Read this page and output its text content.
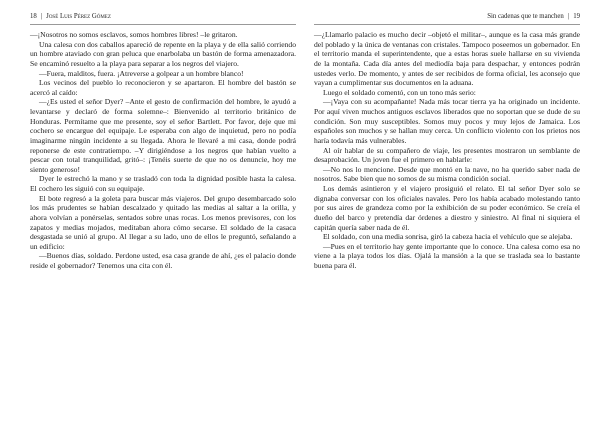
18 | José Luis Pérez Gómez

—¡Nosotros no somos esclavos, somos hombres libres! –le gritaron.

Una calesa con dos caballos apareció de repente en la playa y de ella salió corriendo un hombre ataviado con gran peluca que enarbolaba un bastón de forma amenazadora. Se encaminó resuelto a la playa para separar a los negros del viajero.

—Fuera, malditos, fuera. ¡Atreverse a golpear a un hombre blanco!

Los vecinos del pueblo lo reconocieron y se apartaron. El hombre del bastón se acercó al caído:

—¿Es usted el señor Dyer? –Ante el gesto de confirmación del hombre, le ayudó a levantarse y declaró de forma solemne–: Bienvenido al territorio británico de Honduras. Permítame que me presente, soy el señor Bartlett. Por favor, deje que mi cochero se encargue del equipaje. Le esperaba con algo de inquietud, pero no podía imaginarme ningún incidente a su llegada. Ahora le llevaré a mi casa, donde podrá reponerse de este contratiempo. –Y dirigiéndose a los negros que habían vuelto a pescar con total tranquilidad, gritó–: ¡Tenéis suerte de que no os denuncie, hoy me siento generoso!

Dyer le estrechó la mano y se trasladó con toda la dignidad posible hasta la calesa. El cochero les siguió con su equipaje.

El bote regresó a la goleta para buscar más viajeros. Del grupo desembarcado solo los más prudentes se habían descalzado y quitado las medias al saltar a la orilla, y ahora volvían a ponérselas, sentados sobre unas rocas. Los menos previsores, con los zapatos y medias mojados, meditaban ahora cómo secarse. El soldado de la casaca desgastada se unió al grupo. Al llegar a su lado, uno de ellos le preguntó, señalando a un edificio:

—Buenos días, soldado. Perdone usted, esa casa grande de ahí, ¿es el palacio donde reside el gobernador? Tenemos una cita con él.

Sin cadenas que te manchen | 19

—¿Llamarlo palacio es mucho decir –objetó el militar–, aunque es la casa más grande del poblado y la única de ventanas con cristales. Tampoco poseemos un gobernador. En el territorio manda el superintendente, que a estas horas suele hallarse en su vivienda de la montaña. Cada día antes del mediodía baja para despachar, y entonces podrán ustedes verlo. De momento, y antes de ser recibidos de forma oficial, les aconsejo que vayan a cumplimentar sus documentos en la aduana.

Luego el soldado comentó, con un tono más serio:

—¡Vaya con su acompañante! Nada más tocar tierra ya ha originado un incidente. Por aquí viven muchos antiguos esclavos liberados que no soportan que se dude de su condición. Son muy susceptibles. Somos muy pocos y muy lejos de Jamaica. Los españoles son muchos y se hallan muy cerca. Un conflicto violento con los prietos nos haría todavía más vulnerables.

Al oír hablar de su compañero de viaje, les presentes mostraron un semblante de desaprobación. Un joven fue el primero en hablarle:

—No nos lo mencione. Desde que montó en la nave, no ha querido saber nada de nosotros. Sabe bien que no somos de su misma condición social.

Los demás asintieron y el viajero prosiguió el relato. El tal señor Dyer solo se dignaba conversar con los oficiales navales. Pero los había acabado molestando tanto por sus aires de grandeza como por la exhibición de su poder económico. Se creía el dueño del barco y pretendía dar órdenes a diestro y siniestro. Al final ni siquiera el capitán quería saber nada de él.

El soldado, con una media sonrisa, giró la cabeza hacia el vehículo que se alejaba.

—Pues en el territorio hay gente importante que lo conoce. Una calesa como esa no viene a la playa todos los días. Ojalá la mansión a la que se traslada sea lo bastante buena para él.
